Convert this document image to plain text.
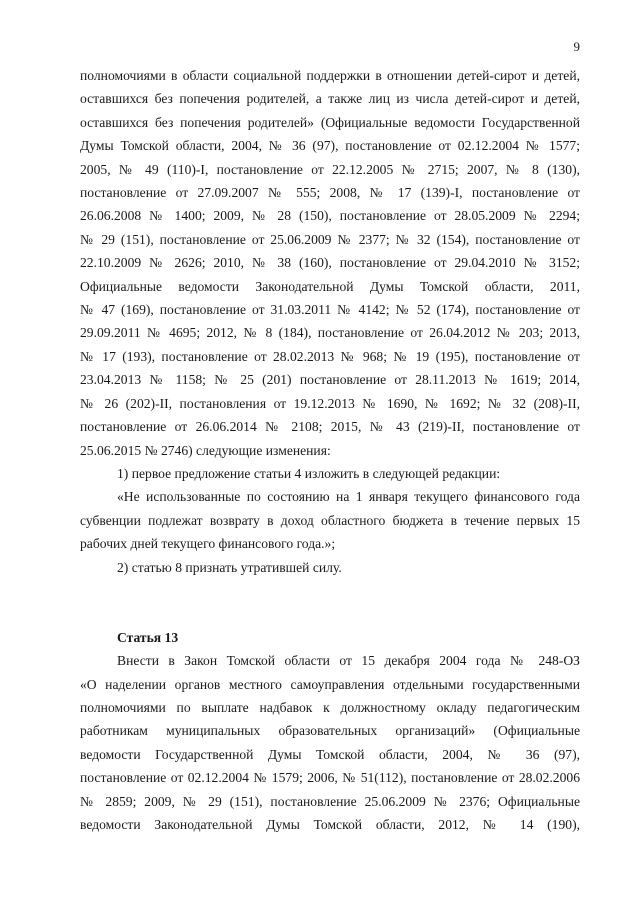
9
полномочиями в области социальной поддержки в отношении детей-сирот и детей,
оставшихся без попечения родителей, а также лиц из числа детей-сирот и детей,
оставшихся без попечения родителей» (Официальные ведомости Государственной
Думы Томской области, 2004, № 36 (97), постановление от 02.12.2004 № 1577;
2005, № 49 (110)-I, постановление от 22.12.2005 № 2715; 2007, № 8 (130),
постановление от 27.09.2007 № 555; 2008, № 17 (139)-I, постановление от
26.06.2008 № 1400; 2009, № 28 (150), постановление от 28.05.2009 № 2294;
№ 29 (151), постановление от 25.06.2009 № 2377; № 32 (154), постановление от
22.10.2009 № 2626; 2010, № 38 (160), постановление от 29.04.2010 № 3152;
Официальные ведомости Законодательной Думы Томской области, 2011,
№ 47 (169), постановление от 31.03.2011 № 4142; № 52 (174), постановление от
29.09.2011 № 4695; 2012, № 8 (184), постановление от 26.04.2012 № 203; 2013,
№ 17 (193), постановление от 28.02.2013 № 968; № 19 (195), постановление от
23.04.2013 № 1158; № 25 (201) постановление от 28.11.2013 № 1619; 2014,
№ 26 (202)-II, постановления от 19.12.2013 № 1690, № 1692; № 32 (208)-II,
постановление от 26.06.2014 № 2108; 2015, № 43 (219)-II, постановление от
25.06.2015 № 2746) следующие изменения:
1) первое предложение статьи 4 изложить в следующей редакции:
«Не использованные по состоянию на 1 января текущего финансового года
субвенции подлежат возврату в доход областного бюджета в течение первых 15
рабочих дней текущего финансового года.»;
2) статью 8 признать утратившей силу.
Статья 13
Внести в Закон Томской области от 15 декабря 2004 года № 248-ОЗ
«О наделении органов местного самоуправления отдельными государственными
полномочиями по выплате надбавок к должностному окладу педагогическим
работникам муниципальных образовательных организаций» (Официальные
ведомости Государственной Думы Томской области, 2004, № 36 (97),
постановление от 02.12.2004 № 1579; 2006, № 51(112), постановление от 28.02.2006
№ 2859; 2009, № 29 (151), постановление 25.06.2009 № 2376; Официальные
ведомости Законодательной Думы Томской области, 2012, № 14 (190),
